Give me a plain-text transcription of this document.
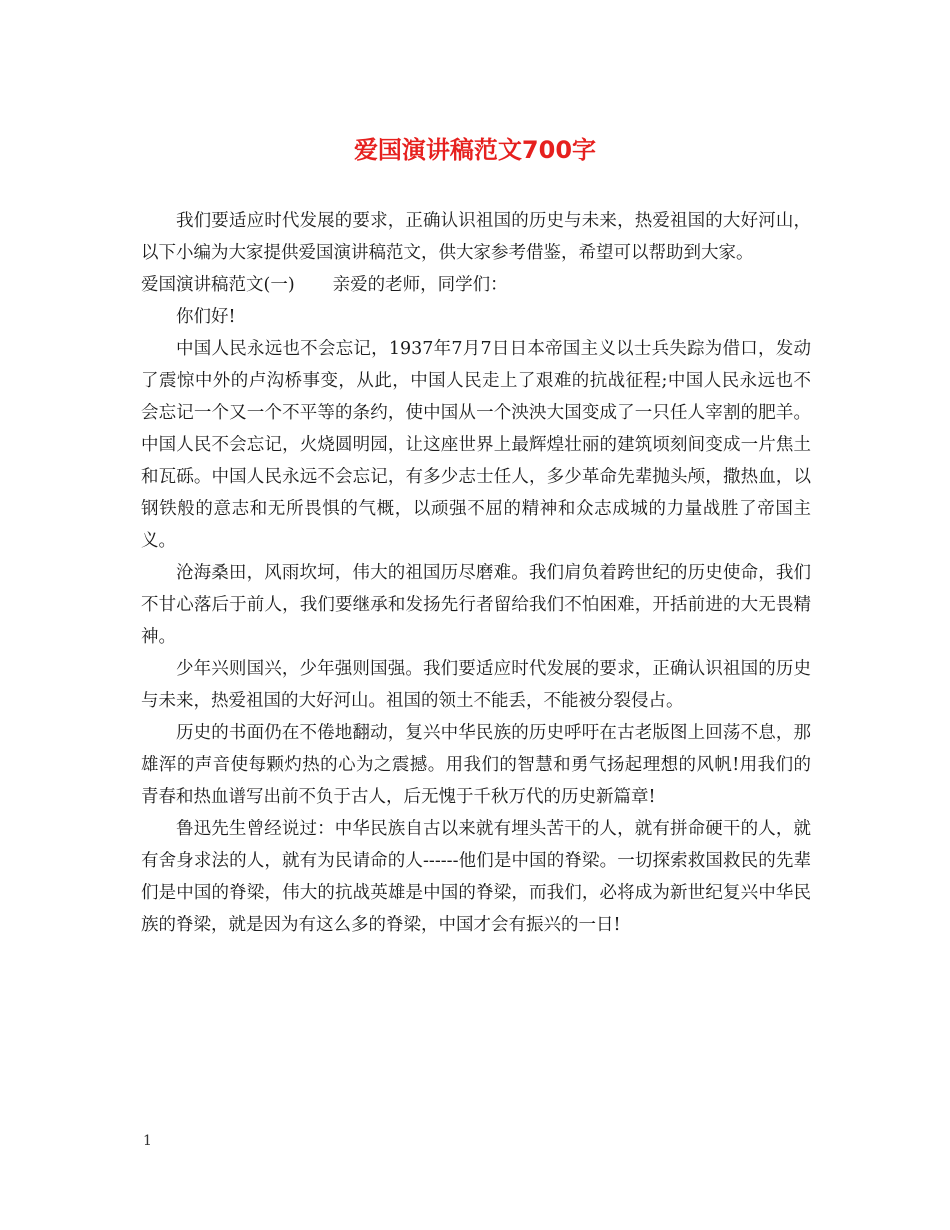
爱国演讲稿范文700字

我们要适应时代发展的要求，正确认识祖国的历史与未来，热爱祖国的大好河山，以下小编为大家提供爱国演讲稿范文，供大家参考借鉴，希望可以帮助到大家。

爱国演讲稿范文(一) 亲爱的老师，同学们：

你们好!

中国人民永远也不会忘记，1937年7月7日日本帝国主义以士兵失踪为借口，发动了震惊中外的卢沟桥事变，从此，中国人民走上了艰难的抗战征程;中国人民永远也不会忘记一个又一个不平等的条约，使中国从一个泱泱大国变成了一只任人宰割的肥羊。中国人民不会忘记，火烧圆明园，让这座世界上最辉煌壮丽的建筑顷刻间变成一片焦土和瓦砾。中国人民永远不会忘记，有多少志士任人，多少革命先辈抛头颅，撒热血，以钢铁般的意志和无所畏惧的气概，以顽强不屈的精神和众志成城的力量战胜了帝国主义。

沧海桑田，风雨坎坷，伟大的祖国历尽磨难。我们肩负着跨世纪的历史使命，我们不甘心落后于前人，我们要继承和发扬先行者留给我们不怕困难，开括前进的大无畏精神。

少年兴则国兴，少年强则国强。我们要适应时代发展的要求，正确认识祖国的历史与未来，热爱祖国的大好河山。祖国的领土不能丢，不能被分裂侵占。

历史的书面仍在不倦地翻动，复兴中华民族的历史呼吁在古老版图上回荡不息，那雄浑的声音使每颗灼热的心为之震撼。用我们的智慧和勇气扬起理想的风帆!用我们的青春和热血谱写出前不负于古人，后无愧于千秋万代的历史新篇章!

鲁迅先生曾经说过：中华民族自古以来就有埋头苦干的人，就有拼命硬干的人，就有舍身求法的人，就有为民请命的人------他们是中国的脊梁。一切探索救国救民的先辈们是中国的脊梁，伟大的抗战英雄是中国的脊梁，而我们，必将成为新世纪复兴中华民族的脊梁，就是因为有这么多的脊梁，中国才会有振兴的一日!

1
